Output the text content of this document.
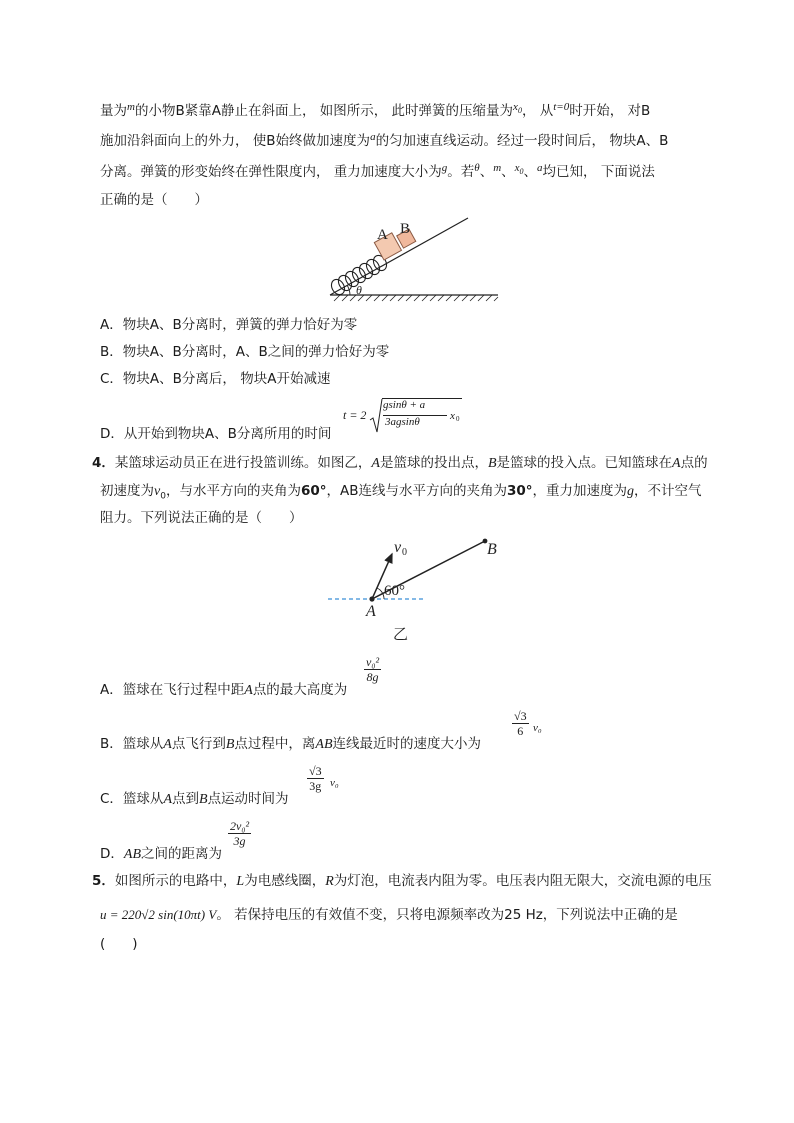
量为$^m$的小物B紧靠A静止在斜面上， 如图所示， 此时弹簧的压缩量为$^x$0， 从$^{t=0}$时开始， 对B
施加沿斜面向上的外力， 使B始终做加速度为$^a$的匀加速直线运动。经过一段时间后， 物块A、B
分离。弹簧的形变始终在弹性限度内， 重力加速度大小为$^g$。若$^\theta$、$^m$、$^x$0、$^a$均已知， 下面说法
正确的是（　　）
A B
θ
A．物块A、B分离时，弹簧的弹力恰好为零
B．物块A、B分离时，A、B之间的弹力恰好为零
C．物块A、B分离后， 物块A开始减速
D．从开始到物块A、B分离所用的时间
t = 2
gsinθ + a
3agsinθ	x 0
4．某篮球运动员正在进行投篮训练。如图乙，A是篮球的投出点，B是篮球的投入点。已知篮球在A点的
初速度为$v_0$，与水平方向的夹角为60°，AB连线与水平方向的夹角为30°，重力加速度为g，不计空气
阻力。下列说法正确的是（　　）
v 0	B
60°
A
乙
A．篮球在飞行过程中距A点的最大高度为
$\frac{\text{v₀²}}{8g}$
B．篮球从A点飞行到B点过程中，离AB连线最近时的速度大小为
$\frac{√3}{6} v_0$
C．篮球从A点到B点运动时间为
$\frac{√3}{3g} v_0$
D．AB之间的距离为
$\frac{\text{2v₀²}}{3g}$
5．如图所示的电路中，L为电感线圈，R为灯泡，电流表内阻为零。电压表内阻无限大，交流电源的电压
u = 220√2 sin(10πt) V。 若保持电压的有效值不变，只将电源频率改为25 Hz，下列说法中正确的是
(　　)
